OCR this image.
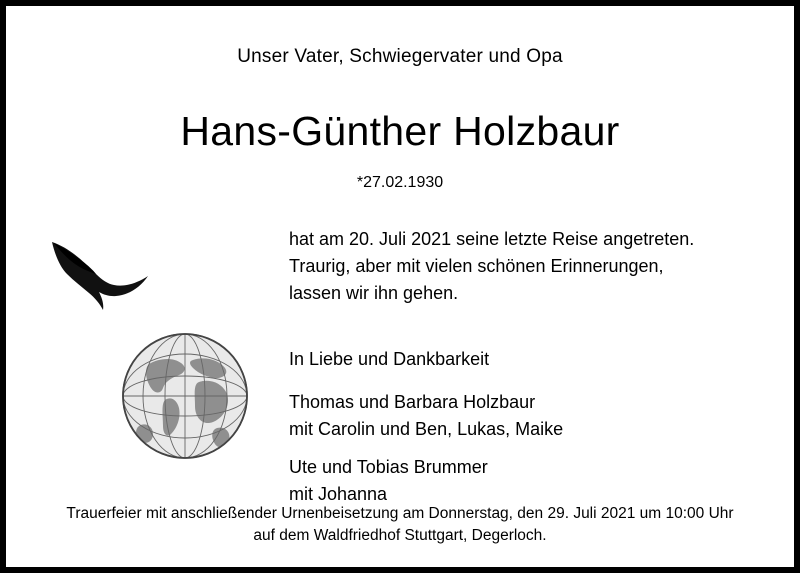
Unser Vater, Schwiegervater und Opa
Hans-Günther Holzbaur
*27.02.1930

hat am 20. Juli 2021 seine letzte Reise angetreten.

Traurig, aber mit vielen schönen Erinnerungen,

lassen wir ihn gehen.

In Liebe und Dankbarkeit

Thomas und Barbara Holzbaur

mit Carolin und Ben, Lukas, Maike

Ute und Tobias Brummer

mit Johanna

Trauerfeier mit anschließender Urnenbeisetzung am Donnerstag, den 29. Juli 2021 um 10:00 Uhr

auf dem Waldfriedhof Stuttgart, Degerloch.
